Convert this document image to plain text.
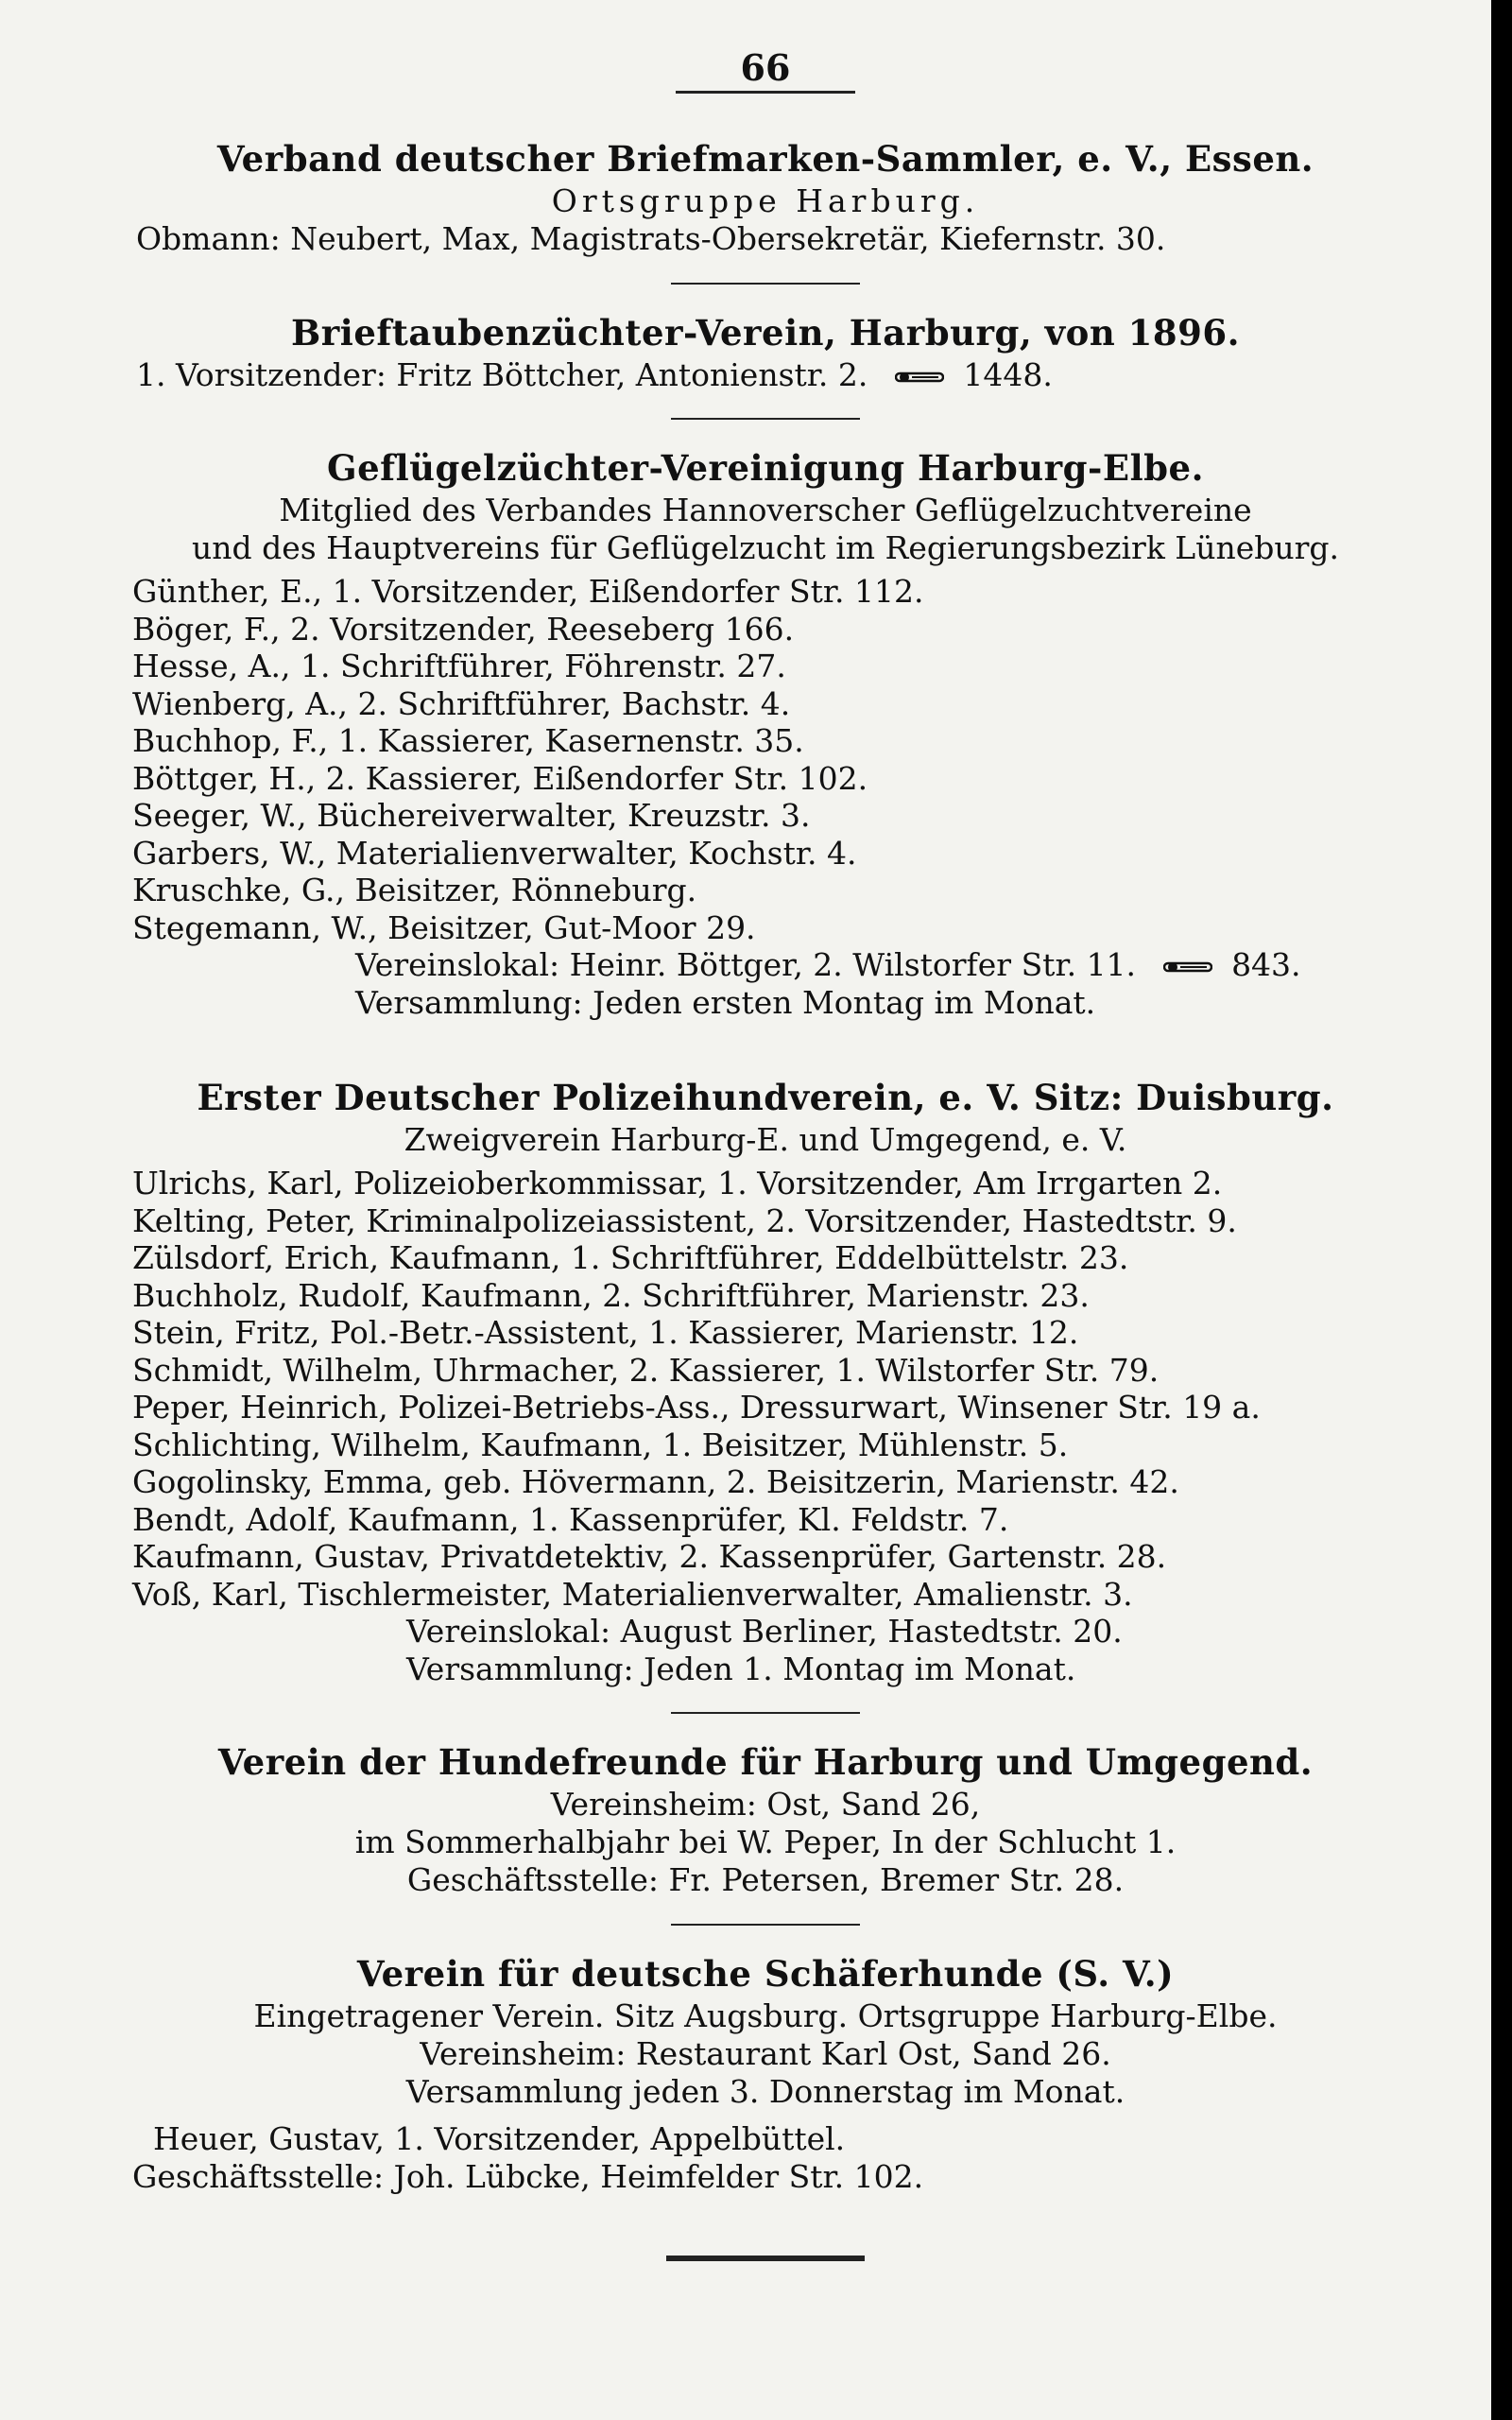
66
Verband deutscher Briefmarken-Sammler, e. V., Essen.
Ortsgruppe Harburg.
Obmann: Neubert, Max, Magistrats-Obersekretär, Kiefernstr. 30.
Brieftaubenzüchter-Verein, Harburg, von 1896.
1. Vorsitzender: Fritz Böttcher, Antonienstr. 2.	1448.
Geflügelzüchter-Vereinigung Harburg-Elbe.
Mitglied des Verbandes Hannoverscher Geflügelzuchtvereine
und des Hauptvereins für Geflügelzucht im Regierungsbezirk Lüneburg.
Günther, E., 1. Vorsitzender, Eißendorfer Str. 112.
Böger, F., 2. Vorsitzender, Reeseberg 166.
Hesse, A., 1. Schriftführer, Föhrenstr. 27.
Wienberg, A., 2. Schriftführer, Bachstr. 4.
Buchhop, F., 1. Kassierer, Kasernenstr. 35.
Böttger, H., 2. Kassierer, Eißendorfer Str. 102.
Seeger, W., Büchereiverwalter, Kreuzstr. 3.
Garbers, W., Materialienverwalter, Kochstr. 4.
Kruschke, G., Beisitzer, Rönneburg.
Stegemann, W., Beisitzer, Gut-Moor 29.
Vereinslokal: Heinr. Böttger, 2. Wilstorfer Str. 11.	843.
Versammlung: Jeden ersten Montag im Monat.
Erster Deutscher Polizeihundverein, e. V. Sitz: Duisburg.
Zweigverein Harburg-E. und Umgegend, e. V.
Ulrichs, Karl, Polizeioberkommissar, 1. Vorsitzender, Am Irrgarten 2.
Kelting, Peter, Kriminalpolizeiassistent, 2. Vorsitzender, Hastedtstr. 9.
Zülsdorf, Erich, Kaufmann, 1. Schriftführer, Eddelbüttelstr. 23.
Buchholz, Rudolf, Kaufmann, 2. Schriftführer, Marienstr. 23.
Stein, Fritz, Pol.-Betr.-Assistent, 1. Kassierer, Marienstr. 12.
Schmidt, Wilhelm, Uhrmacher, 2. Kassierer, 1. Wilstorfer Str. 79.
Peper, Heinrich, Polizei-Betriebs-Ass., Dressurwart, Winsener Str. 19 a.
Schlichting, Wilhelm, Kaufmann, 1. Beisitzer, Mühlenstr. 5.
Gogolinsky, Emma, geb. Hövermann, 2. Beisitzerin, Marienstr. 42.
Bendt, Adolf, Kaufmann, 1. Kassenprüfer, Kl. Feldstr. 7.
Kaufmann, Gustav, Privatdetektiv, 2. Kassenprüfer, Gartenstr. 28.
Voß, Karl, Tischlermeister, Materialienverwalter, Amalienstr. 3.
Vereinslokal: August Berliner, Hastedtstr. 20.
Versammlung: Jeden 1. Montag im Monat.
Verein der Hundefreunde für Harburg und Umgegend.
Vereinsheim: Ost, Sand 26,
im Sommerhalbjahr bei W. Peper, In der Schlucht 1.
Geschäftsstelle: Fr. Petersen, Bremer Str. 28.
Verein für deutsche Schäferhunde (S. V.)
Eingetragener Verein. Sitz Augsburg. Ortsgruppe Harburg-Elbe.
Vereinsheim: Restaurant Karl Ost, Sand 26.
Versammlung jeden 3. Donnerstag im Monat.
Heuer, Gustav, 1. Vorsitzender, Appelbüttel.
Geschäftsstelle: Joh. Lübcke, Heimfelder Str. 102.
